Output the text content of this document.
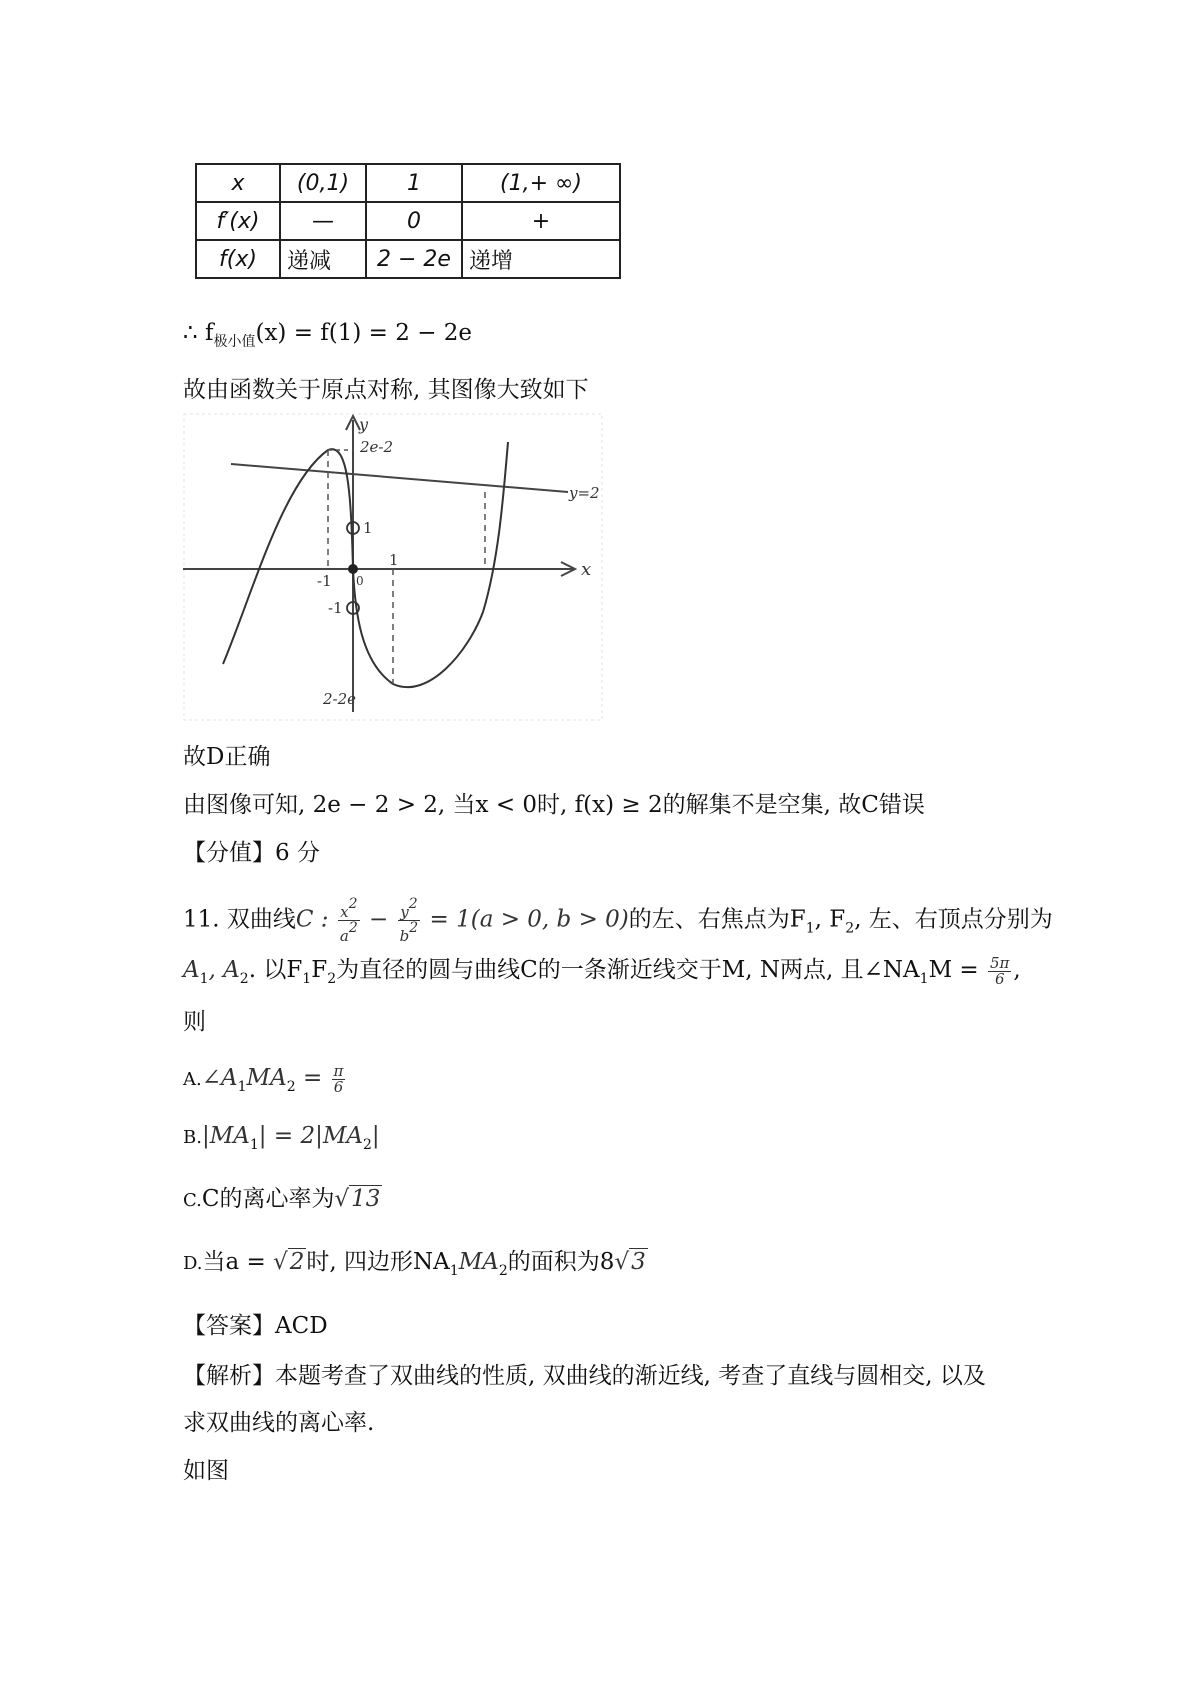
x	(0,1)	1	(1,+ ∞)
f′(x)	—	0	+
f(x)	递减	2 − 2e	递增
∴ $f_{极小值}(x) = f(1) = 2 - 2e$
故由函数关于原点对称, 其图像大致如下
y
x
2e-2
y=2
1
-1 0
1
-1
2-2e
故D正确
由图像可知, 2e − 2 > 2, 当x < 0时, f(x) ≥ 2的解集不是空集, 故C错误
【分值】6 分
11. 双曲线C : $\frac{x2}{a2} - \frac{y2}{b2} = 1(a > 0$, b > 0)的左、右焦点为$F_1$, $F_2$, 左、右顶点分别为
$A_1$, $A_2$. 以$F_1F_2$为直径的圆与曲线C的一条渐近线交于M, N两点, 且$\angle NA_1M = \frac{5\pi}{6}$ ,
则
$A.\angle A_1MA_2 = \frac{\pi}{6}$
$B.|MA_1| = 2|MA_2|$
C.C的离心率为√13
D.当a = √2时, 四边形$NA_1MA_2$的面积为8√3
【答案】ACD
【解析】本题考查了双曲线的性质, 双曲线的渐近线, 考查了直线与圆相交, 以及
求双曲线的离心率.
如图
